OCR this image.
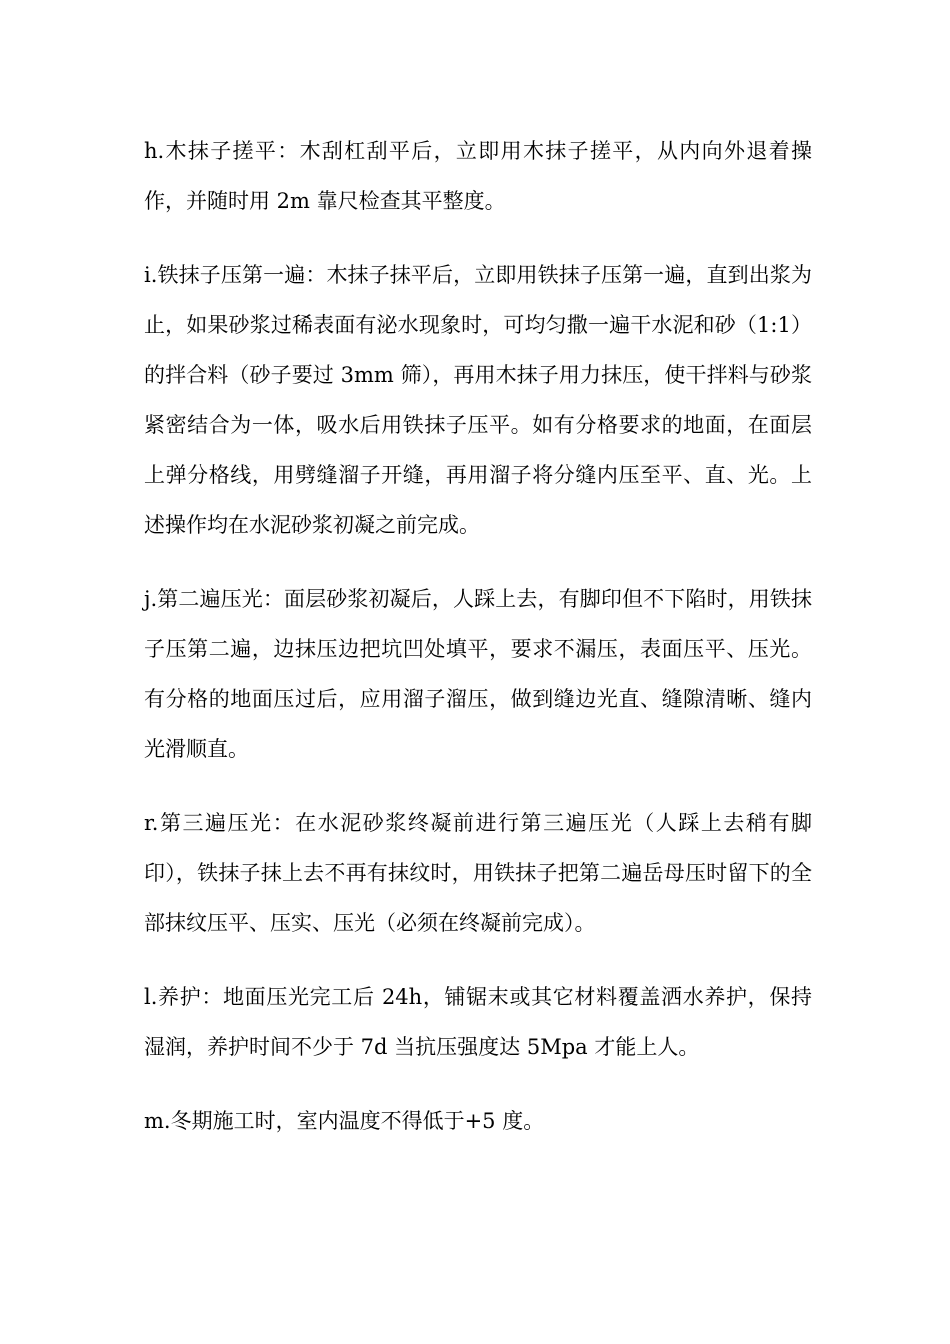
h.木抹子搓平：木刮杠刮平后，立即用木抹子搓平，从内向外退着操作，并随时用 2m 靠尺检查其平整度。

i.铁抹子压第一遍：木抹子抹平后，立即用铁抹子压第一遍，直到出浆为止，如果砂浆过稀表面有泌水现象时，可均匀撒一遍干水泥和砂（1:1）的拌合料（砂子要过 3mm 筛），再用木抹子用力抹压，使干拌料与砂浆紧密结合为一体，吸水后用铁抹子压平。如有分格要求的地面，在面层上弹分格线，用劈缝溜子开缝，再用溜子将分缝内压至平、直、光。上述操作均在水泥砂浆初凝之前完成。

j.第二遍压光：面层砂浆初凝后，人踩上去，有脚印但不下陷时，用铁抹子压第二遍，边抹压边把坑凹处填平，要求不漏压，表面压平、压光。有分格的地面压过后，应用溜子溜压，做到缝边光直、缝隙清晰、缝内光滑顺直。

r.第三遍压光：在水泥砂浆终凝前进行第三遍压光（人踩上去稍有脚印），铁抹子抹上去不再有抹纹时，用铁抹子把第二遍岳母压时留下的全部抹纹压平、压实、压光（必须在终凝前完成）。

l.养护：地面压光完工后 24h，铺锯末或其它材料覆盖洒水养护，保持湿润，养护时间不少于 7d 当抗压强度达 5Mpa 才能上人。

m.冬期施工时，室内温度不得低于+5 度。
